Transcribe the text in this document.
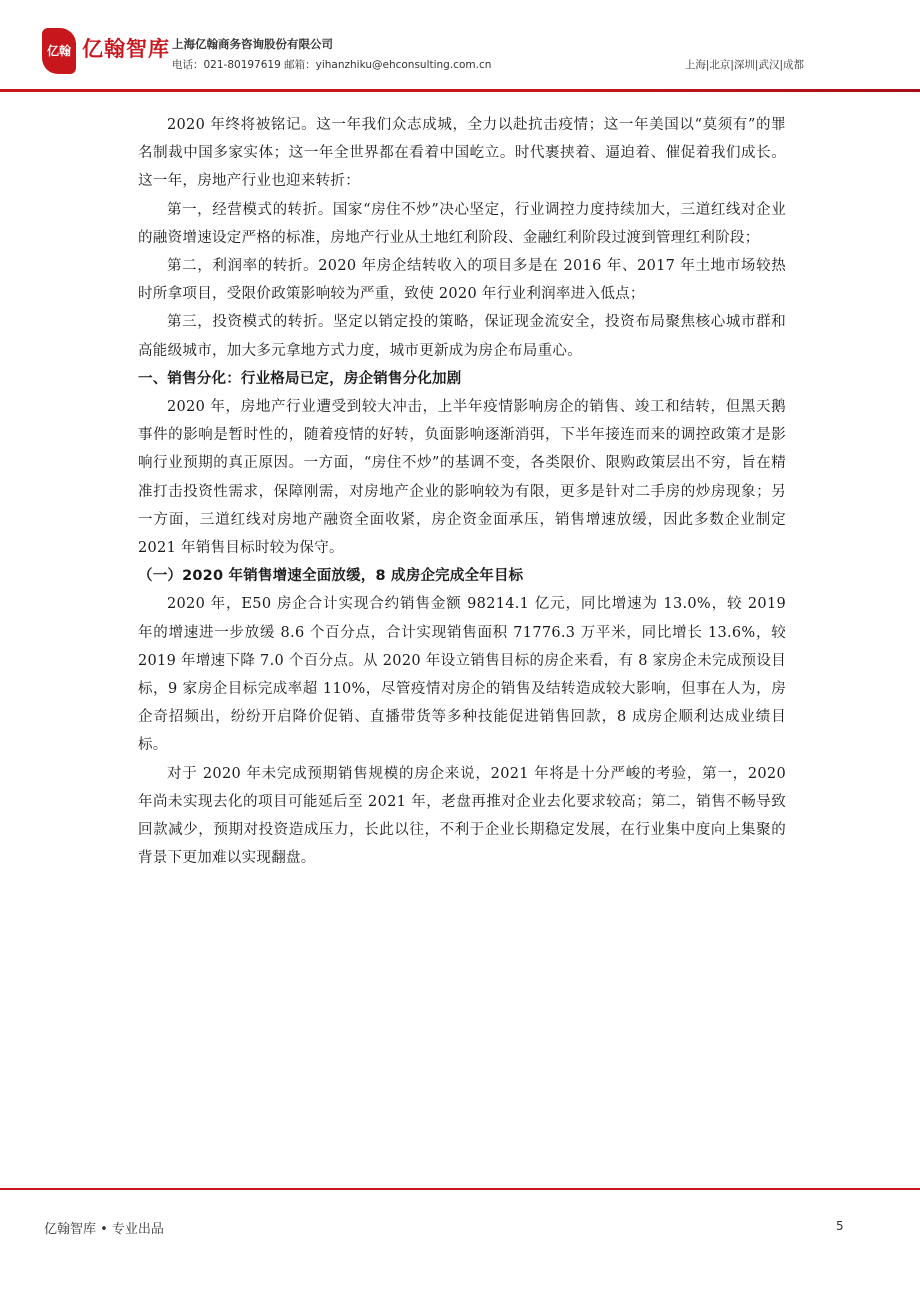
亿翰 亿翰智库 上海亿翰商务咨询股份有限公司
电话：021-80197619 邮箱：yihanzhiku@ehconsulting.com.cn	上海|北京|深圳|武汉|成都

2020 年终将被铭记。这一年我们众志成城，全力以赴抗击疫情；这一年美国以“莫须有”的罪名制裁中国多家实体；这一年全世界都在看着中国屹立。时代裹挟着、逼迫着、催促着我们成长。这一年，房地产行业也迎来转折：

第一，经营模式的转折。国家“房住不炒”决心坚定，行业调控力度持续加大，三道红线对企业的融资增速设定严格的标准，房地产行业从土地红利阶段、金融红利阶段过渡到管理红利阶段；

第二，利润率的转折。2020 年房企结转收入的项目多是在 2016 年、2017 年土地市场较热时所拿项目，受限价政策影响较为严重，致使 2020 年行业利润率进入低点；

第三，投资模式的转折。坚定以销定投的策略，保证现金流安全，投资布局聚焦核心城市群和高能级城市，加大多元拿地方式力度，城市更新成为房企布局重心。

一、销售分化：行业格局已定，房企销售分化加剧

2020 年，房地产行业遭受到较大冲击，上半年疫情影响房企的销售、竣工和结转，但黑天鹅事件的影响是暂时性的，随着疫情的好转，负面影响逐渐消弭，下半年接连而来的调控政策才是影响行业预期的真正原因。一方面，“房住不炒”的基调不变，各类限价、限购政策层出不穷，旨在精准打击投资性需求，保障刚需，对房地产企业的影响较为有限，更多是针对二手房的炒房现象；另一方面，三道红线对房地产融资全面收紧，房企资金面承压，销售增速放缓，因此多数企业制定 2021 年销售目标时较为保守。

（一）2020 年销售增速全面放缓，8 成房企完成全年目标

2020 年，E50 房企合计实现合约销售金额 98214.1 亿元，同比增速为 13.0%，较 2019 年的增速进一步放缓 8.6 个百分点，合计实现销售面积 71776.3 万平米，同比增长 13.6%，较 2019 年增速下降 7.0 个百分点。从 2020 年设立销售目标的房企来看，有 8 家房企未完成预设目标，9 家房企目标完成率超 110%，尽管疫情对房企的销售及结转造成较大影响，但事在人为，房企奇招频出，纷纷开启降价促销、直播带货等多种技能促进销售回款，8 成房企顺利达成业绩目标。

对于 2020 年未完成预期销售规模的房企来说，2021 年将是十分严峻的考验，第一，2020 年尚未实现去化的项目可能延后至 2021 年，老盘再推对企业去化要求较高；第二，销售不畅导致回款减少，预期对投资造成压力，长此以往，不利于企业长期稳定发展，在行业集中度向上集聚的背景下更加难以实现翻盘。

亿翰智库 • 专业出品	5
